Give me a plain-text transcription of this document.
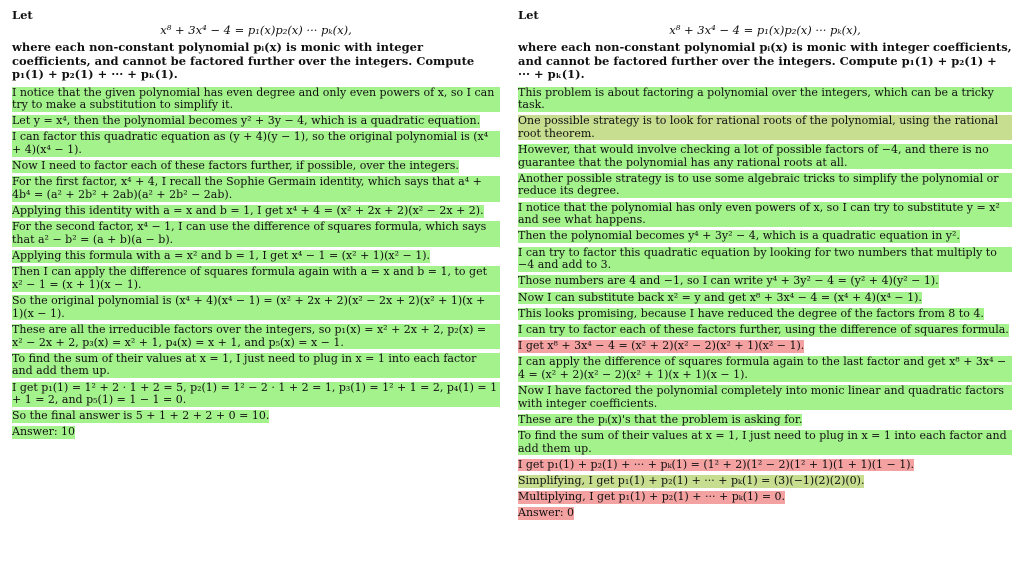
Let

x⁸ + 3x⁴ − 4 = p₁(x)p₂(x) ··· pₖ(x),

where each non-constant polynomial pᵢ(x) is monic with integer coefficients, and cannot be factored further over the integers. Compute p₁(1) + p₂(1) + ··· + pₖ(1).

I notice that the given polynomial has even degree and only even powers of x, so I can try to make a substitution to simplify it.
Let y = x⁴, then the polynomial becomes y² + 3y − 4, which is a quadratic equation.
I can factor this quadratic equation as (y + 4)(y − 1), so the original polynomial is (x⁴ + 4)(x⁴ − 1).
Now I need to factor each of these factors further, if possible, over the integers.
For the first factor, x⁴ + 4, I recall the Sophie Germain identity, which says that a⁴ + 4b⁴ = (a² + 2b² + 2ab)(a² + 2b² − 2ab).
Applying this identity with a = x and b = 1, I get x⁴ + 4 = (x² + 2x + 2)(x² − 2x + 2).
For the second factor, x⁴ − 1, I can use the difference of squares formula, which says that a² − b² = (a + b)(a − b).
Applying this formula with a = x² and b = 1, I get x⁴ − 1 = (x² + 1)(x² − 1).
Then I can apply the difference of squares formula again with a = x and b = 1, to get x² − 1 = (x + 1)(x − 1).
So the original polynomial is (x⁴ + 4)(x⁴ − 1) = (x² + 2x + 2)(x² − 2x + 2)(x² + 1)(x + 1)(x − 1).
These are all the irreducible factors over the integers, so p₁(x) = x² + 2x + 2, p₂(x) = x² − 2x + 2, p₃(x) = x² + 1, p₄(x) = x + 1, and p₅(x) = x − 1.
To find the sum of their values at x = 1, I just need to plug in x = 1 into each factor and add them up.
I get p₁(1) = 1² + 2 · 1 + 2 = 5, p₂(1) = 1² − 2 · 1 + 2 = 1, p₃(1) = 1² + 1 = 2, p₄(1) = 1 + 1 = 2, and p₅(1) = 1 − 1 = 0.
So the final answer is 5 + 1 + 2 + 2 + 0 = 10.
Answer: 10

Let

x⁸ + 3x⁴ − 4 = p₁(x)p₂(x) ··· pₖ(x),

where each non-constant polynomial pᵢ(x) is monic with integer coefficients, and cannot be factored further over the integers. Compute p₁(1) + p₂(1) + ··· + pₖ(1).

This problem is about factoring a polynomial over the integers, which can be a tricky task.
One possible strategy is to look for rational roots of the polynomial, using the rational root theorem.
However, that would involve checking a lot of possible factors of −4, and there is no guarantee that the polynomial has any rational roots at all.
Another possible strategy is to use some algebraic tricks to simplify the polynomial or reduce its degree.
I notice that the polynomial has only even powers of x, so I can try to substitute y = x² and see what happens.
Then the polynomial becomes y⁴ + 3y² − 4, which is a quadratic equation in y².
I can try to factor this quadratic equation by looking for two numbers that multiply to −4 and add to 3.
Those numbers are 4 and −1, so I can write y⁴ + 3y² − 4 = (y² + 4)(y² − 1).
Now I can substitute back x² = y and get x⁸ + 3x⁴ − 4 = (x⁴ + 4)(x⁴ − 1).
This looks promising, because I have reduced the degree of the factors from 8 to 4.
I can try to factor each of these factors further, using the difference of squares formula.
I get x⁸ + 3x⁴ − 4 = (x² + 2)(x² − 2)(x² + 1)(x² − 1).
I can apply the difference of squares formula again to the last factor and get x⁸ + 3x⁴ − 4 = (x² + 2)(x² − 2)(x² + 1)(x + 1)(x − 1).
Now I have factored the polynomial completely into monic linear and quadratic factors with integer coefficients.
These are the pᵢ(x)'s that the problem is asking for.
To find the sum of their values at x = 1, I just need to plug in x = 1 into each factor and add them up.
I get p₁(1) + p₂(1) + ··· + pₖ(1) = (1² + 2)(1² − 2)(1² + 1)(1 + 1)(1 − 1).
Simplifying, I get p₁(1) + p₂(1) + ··· + pₖ(1) = (3)(−1)(2)(2)(0).
Multiplying, I get p₁(1) + p₂(1) + ··· + pₖ(1) = 0.
Answer: 0
